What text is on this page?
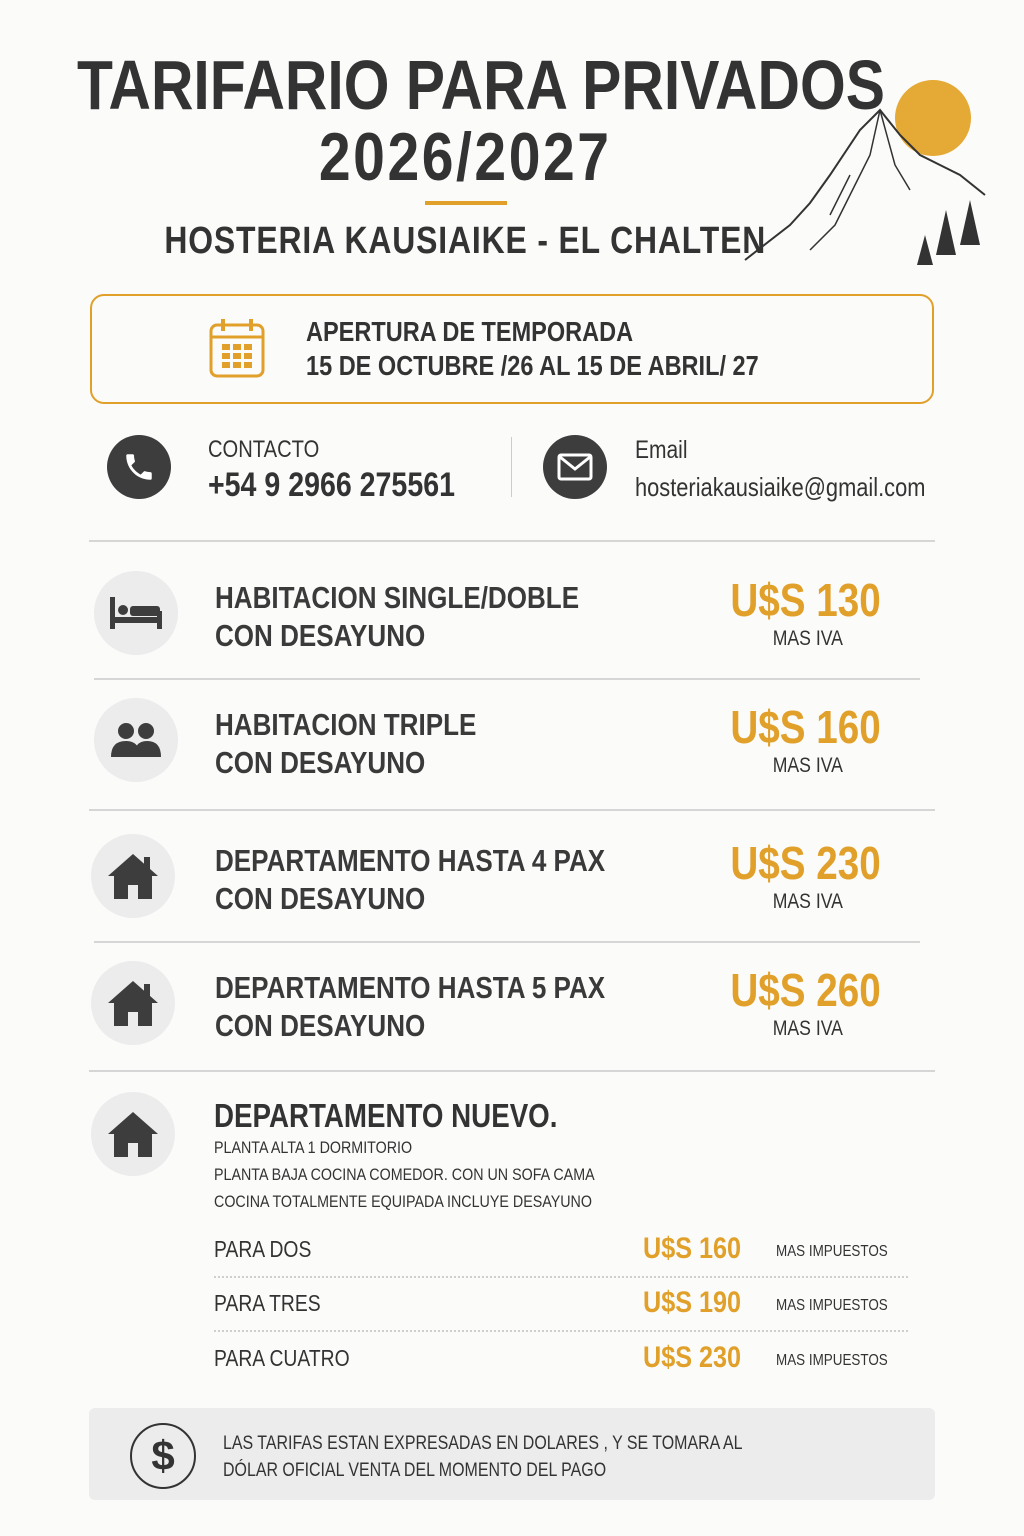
TARIFARIO PARA PRIVADOS
2026/2027
HOSTERIA KAUSIAIKE - EL CHALTEN
APERTURA DE TEMPORADA
15 DE OCTUBRE /26 AL 15 DE ABRIL/ 27
CONTACTO
+54 9 2966 275561
Email
hosteriakausiaike@gmail.com
HABITACION SINGLE/DOBLE
CON DESAYUNO
U$S 130
MAS IVA
HABITACION TRIPLE
CON DESAYUNO
U$S 160
MAS IVA
DEPARTAMENTO HASTA 4 PAX
CON DESAYUNO
U$S 230
MAS IVA
DEPARTAMENTO HASTA 5 PAX
CON DESAYUNO
U$S 260
MAS IVA
DEPARTAMENTO NUEVO.
PLANTA ALTA 1 DORMITORIO
PLANTA BAJA COCINA COMEDOR. CON UN SOFA CAMA
COCINA TOTALMENTE EQUIPADA INCLUYE DESAYUNO
PARA DOS	U$S 160	MAS IMPUESTOS
PARA TRES	U$S 190	MAS IMPUESTOS
PARA CUATRO	U$S 230	MAS IMPUESTOS
$	LAS TARIFAS ESTAN EXPRESADAS EN DOLARES , Y SE TOMARA AL
DÓLAR OFICIAL VENTA DEL MOMENTO DEL PAGO
